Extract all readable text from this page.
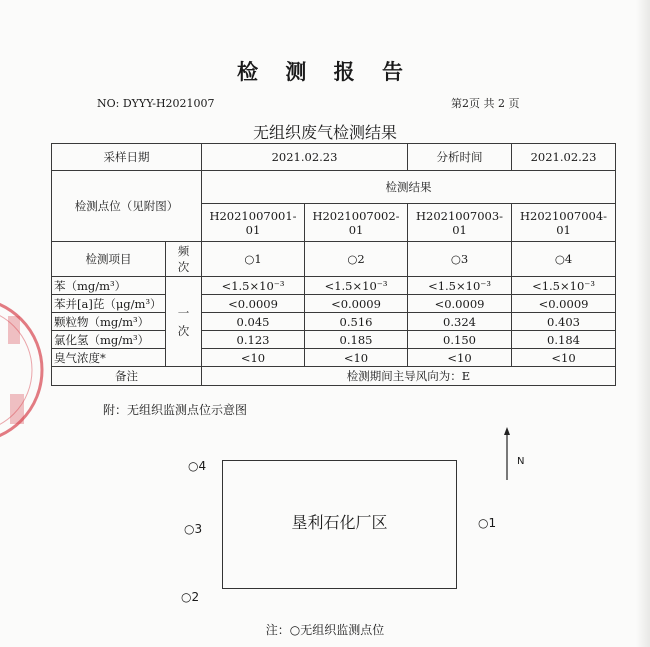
检 测 报 告
NO: DYYY-H2021007	第2页 共 2 页
无组织废气检测结果
采样日期		2021.02.23		分析时间	2021.02.23
检测点位（见附图）		检测结果			
		H2021007001-01	H2021007002-01	H2021007003-01	H2021007004-01
检测项目	频次	○1	○2	○3	○4
苯（mg/m³）	一次	<1.5×10⁻³	<1.5×10⁻³	<1.5×10⁻³	<1.5×10⁻³
苯并[a]芘（μg/m³）		<0.0009	<0.0009	<0.0009	<0.0009
颗粒物（mg/m³）		0.045	0.516	0.324	0.403
氯化氢（mg/m³）		0.123	0.185	0.150	0.184
臭气浓度*		<10	<10	<10	<10
备注		检测期间主导风向为：E			
附：无组织监测点位示意图
N
垦利石化厂区	○1
○2
○3
○4
注：○无组织监测点位
